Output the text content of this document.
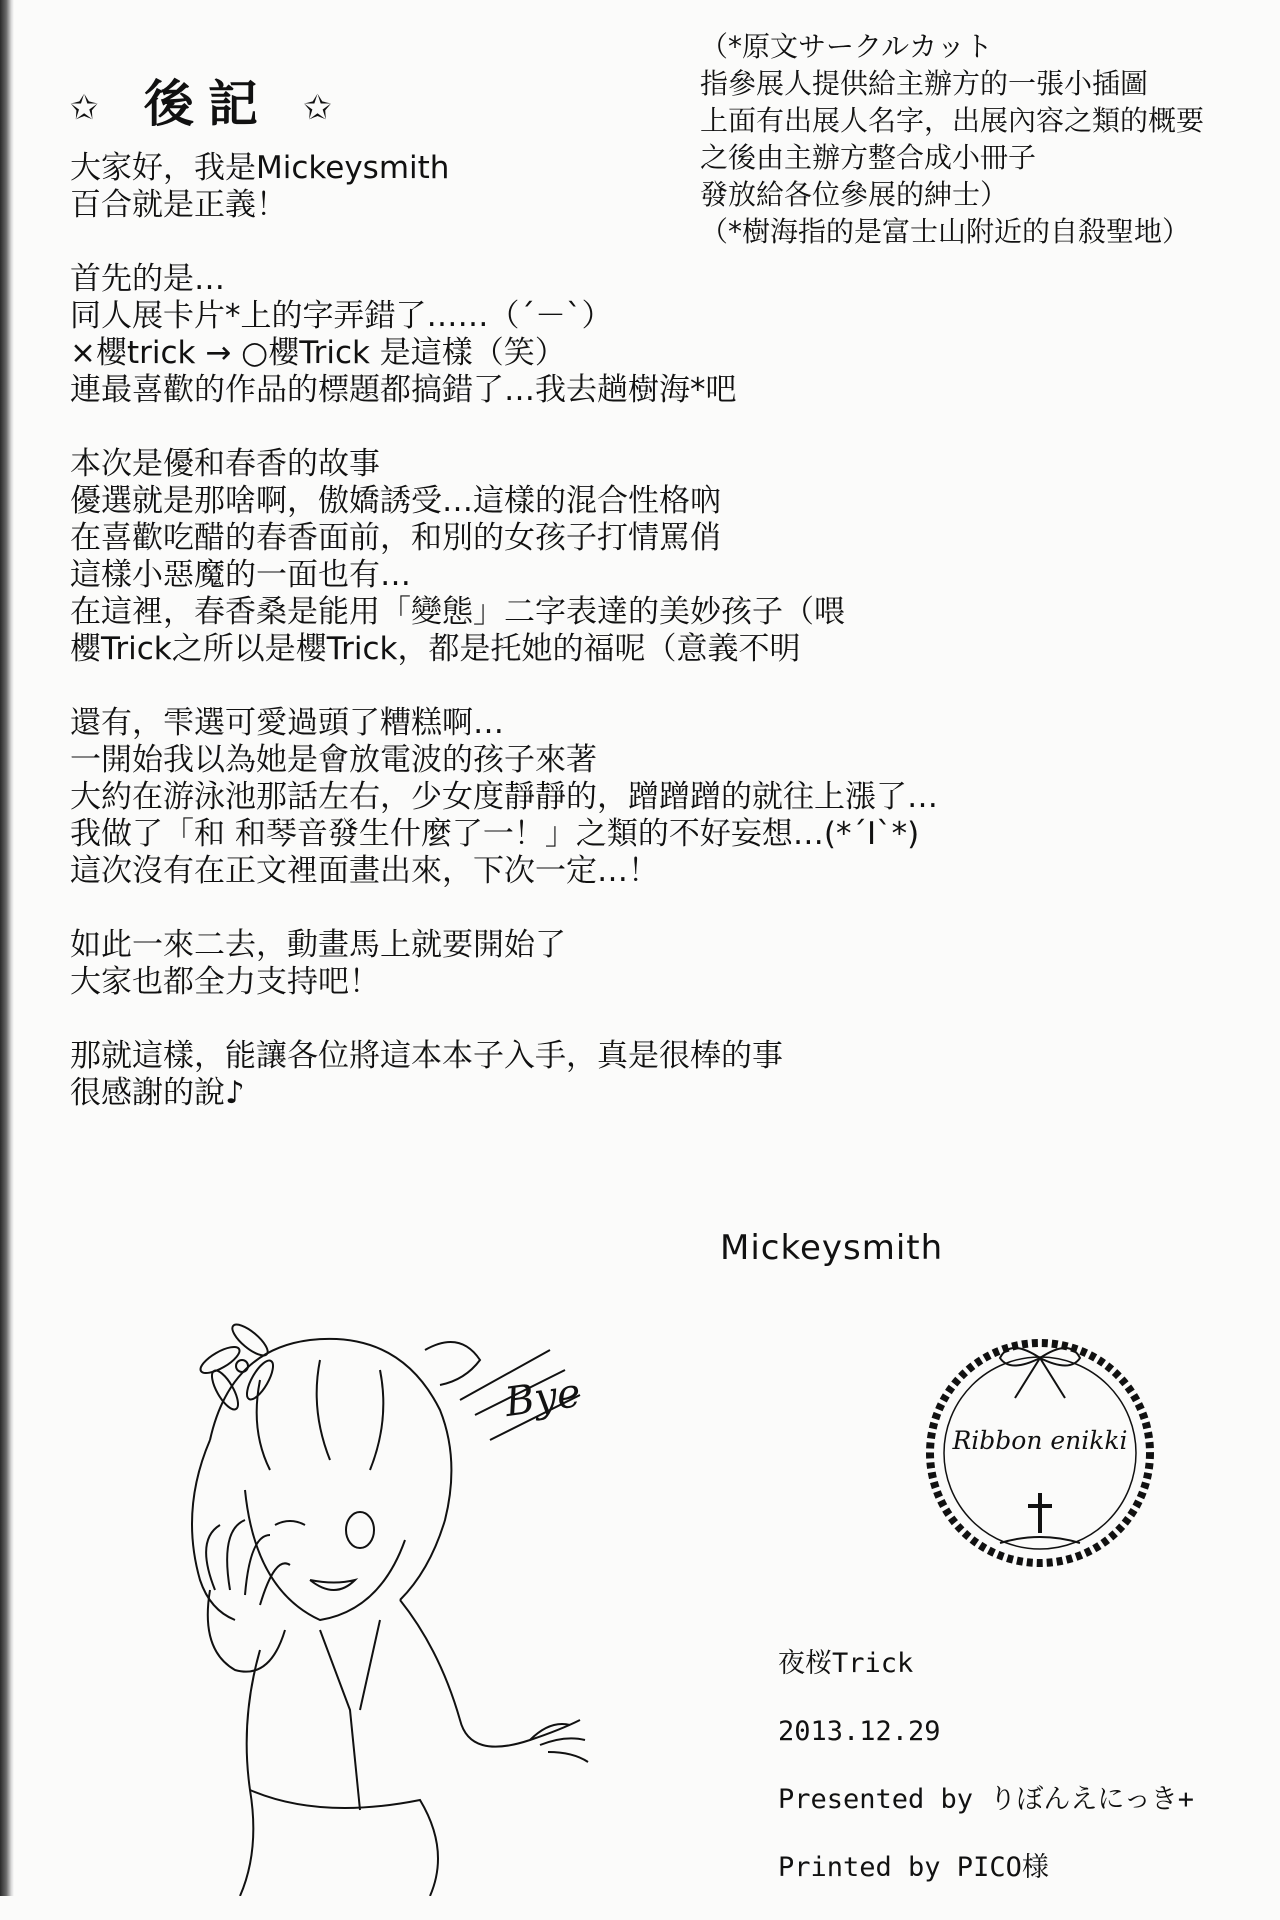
✩ 後記 ✩
（*原文サークルカット
指參展人提供給主辦方的一張小插圖
上面有出展人名字，出展內容之類的概要
之後由主辦方整合成小冊子
發放給各位參展的紳士）
（*樹海指的是富士山附近的自殺聖地）
大家好，我是Mickeysmith
百合就是正義！
首先的是…
同人展卡片*上的字弄錯了……（´－`）
×櫻trick → ○櫻Trick 是這樣（笑）
連最喜歡的作品的標題都搞錯了…我去趟樹海*吧
本次是優和春香的故事
優選就是那啥啊，傲嬌誘受…這樣的混合性格吶
在喜歡吃醋的春香面前，和別的女孩子打情罵俏
這樣小惡魔的一面也有…
在這裡，春香桑是能用「變態」二字表達的美妙孩子（喂
櫻Trick之所以是櫻Trick，都是托她的福呢（意義不明
還有，雫選可愛過頭了糟糕啊…
一開始我以為她是會放電波的孩子來著
大約在游泳池那話左右，少女度靜靜的，蹭蹭蹭的就往上漲了…
我做了「和 和琴音發生什麼了一！」之類的不好妄想…(*´I`*)
這次沒有在正文裡面畫出來，下次一定…！
如此一來二去，動畫馬上就要開始了
大家也都全力支持吧！
那就這樣，能讓各位將這本本子入手，真是很棒的事
很感謝的說♪
Mickeysmith
Bye
Ribbon enikki
夜桜Trick
2013.12.29
Presented by りぼんえにっき+
Printed by PICO様
